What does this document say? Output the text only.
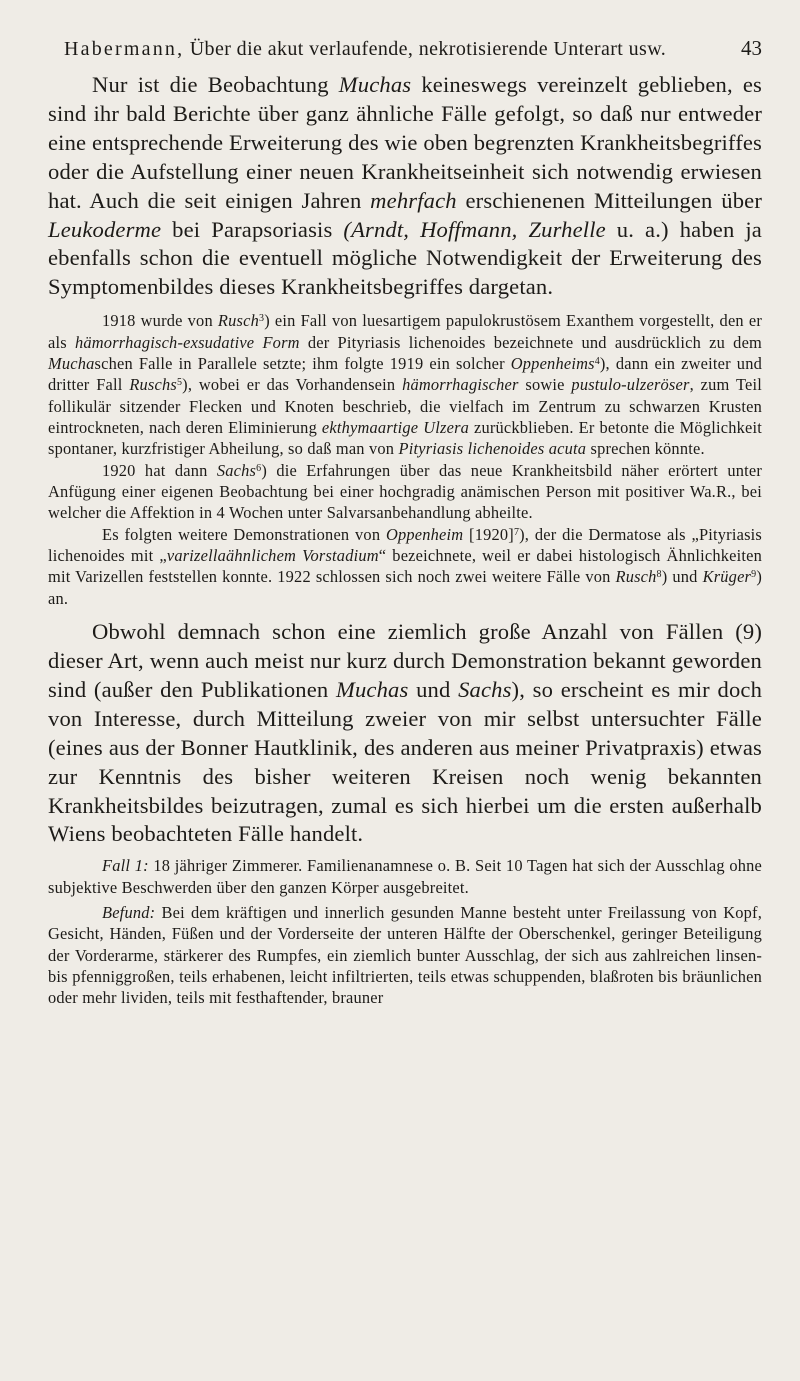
Habermann, Über die akut verlaufende, nekrotisierende Unterart usw.	43

Nur ist die Beobachtung Muchas keineswegs vereinzelt geblieben, es sind ihr bald Berichte über ganz ähnliche Fälle gefolgt, so daß nur entweder eine entsprechende Erweiterung des wie oben begrenzten Krankheitsbegriffes oder die Aufstellung einer neuen Krankheitseinheit sich notwendig erwiesen hat. Auch die seit einigen Jahren mehrfach erschienenen Mitteilungen über Leukoderme bei Parapsoriasis (Arndt, Hoffmann, Zurhelle u. a.) haben ja ebenfalls schon die eventuell mögliche Notwendigkeit der Erweiterung des Symptomenbildes dieses Krankheitsbegriffes dargetan.

1918 wurde von Rusch$^3$) ein Fall von luesartigem papulokrustösem Exanthem vorgestellt, den er als hämorrhagisch-exsudative Form der Pityriasis lichenoides bezeichnete und ausdrücklich zu dem Muchaschen Falle in Parallele setzte; ihm folgte 1919 ein solcher Oppenheims$^4$), dann ein zweiter und dritter Fall Ruschs$^5$), wobei er das Vorhandensein hämorrhagischer sowie pustulo-ulzeröser, zum Teil follikulär sitzender Flecken und Knoten beschrieb, die vielfach im Zentrum zu schwarzen Krusten eintrockneten, nach deren Eliminierung ekthymaartige Ulzera zurückblieben. Er betonte die Möglichkeit spontaner, kurzfristiger Abheilung, so daß man von Pityriasis lichenoides acuta sprechen könnte.

1920 hat dann Sachs$^6$) die Erfahrungen über das neue Krankheitsbild näher erörtert unter Anfügung einer eigenen Beobachtung bei einer hochgradig anämischen Person mit positiver Wa.R., bei welcher die Affektion in 4 Wochen unter Salvarsanbehandlung abheilte.

Es folgten weitere Demonstrationen von Oppenheim $[1920]^7$), der die Dermatose als „Pityriasis lichenoides mit „varizellaähnlichem Vorstadium“ bezeichnete, weil er dabei histologisch Ähnlichkeiten mit Varizellen feststellen konnte. 1922 schlossen sich noch zwei weitere Fälle von Rusch$^8$) und Krüger$^9$) an.

Obwohl demnach schon eine ziemlich große Anzahl von Fällen (9) dieser Art, wenn auch meist nur kurz durch Demonstration bekannt geworden sind (außer den Publikationen Muchas und Sachs), so erscheint es mir doch von Interesse, durch Mitteilung zweier von mir selbst untersuchter Fälle (eines aus der Bonner Hautklinik, des anderen aus meiner Privatpraxis) etwas zur Kenntnis des bisher weiteren Kreisen noch wenig bekannten Krankheitsbildes beizutragen, zumal es sich hierbei um die ersten außerhalb Wiens beobachteten Fälle handelt.

Fall 1: 18 jähriger Zimmerer. Familienanamnese o. B. Seit 10 Tagen hat sich der Ausschlag ohne subjektive Beschwerden über den ganzen Körper ausgebreitet.

Befund: Bei dem kräftigen und innerlich gesunden Manne besteht unter Freilassung von Kopf, Gesicht, Händen, Füßen und der Vorderseite der unteren Hälfte der Oberschenkel, geringer Beteiligung der Vorderarme, stärkerer des Rumpfes, ein ziemlich bunter Ausschlag, der sich aus zahlreichen linsen- bis pfenniggroßen, teils erhabenen, leicht infiltrierten, teils etwas schuppenden, blaßroten bis bräunlichen oder mehr lividen, teils mit festhaftender, brauner
